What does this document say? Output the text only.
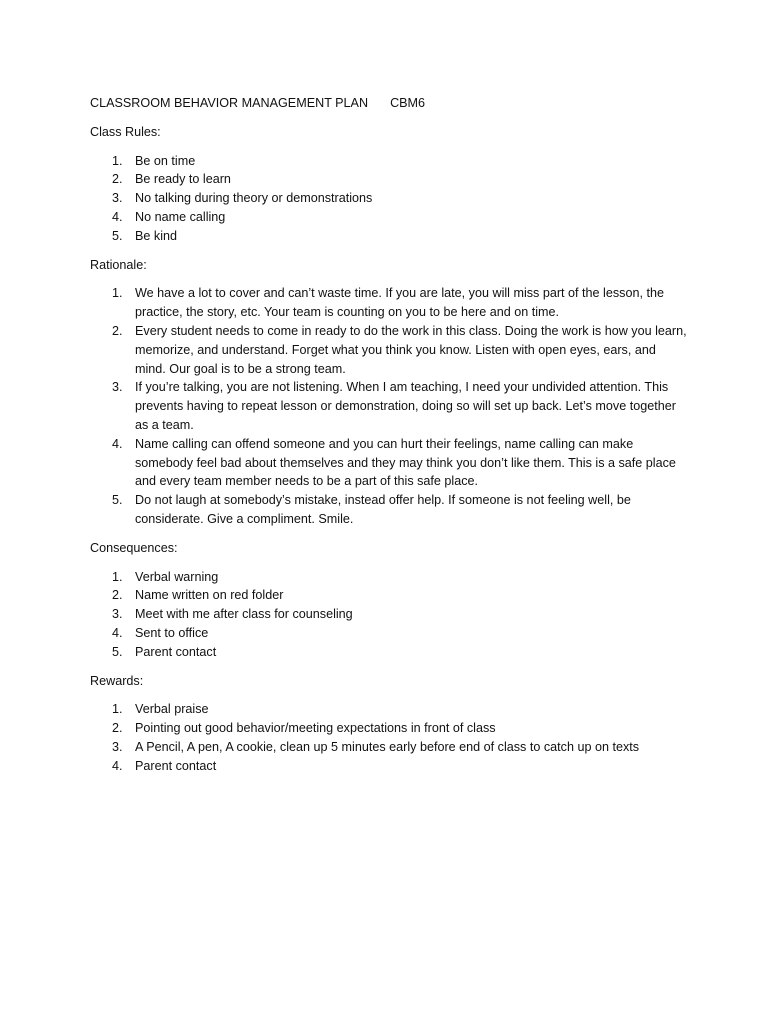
CLASSROOM BEHAVIOR MANAGEMENT PLAN CBM6
Class Rules:
1. Be on time
2. Be ready to learn
3. No talking during theory or demonstrations
4. No name calling
5. Be kind
Rationale:
1. We have a lot to cover and can’t waste time. If you are late, you will miss part of the lesson, the practice, the story, etc. Your team is counting on you to be here and on time.
2. Every student needs to come in ready to do the work in this class. Doing the work is how you learn, memorize, and understand. Forget what you think you know. Listen with open eyes, ears, and mind. Our goal is to be a strong team.
3. If you’re talking, you are not listening. When I am teaching, I need your undivided attention. This prevents having to repeat lesson or demonstration, doing so will set up back. Let’s move together as a team.
4. Name calling can offend someone and you can hurt their feelings, name calling can make somebody feel bad about themselves and they may think you don’t like them. This is a safe place and every team member needs to be a part of this safe place.
5. Do not laugh at somebody’s mistake, instead offer help. If someone is not feeling well, be considerate. Give a compliment. Smile.
Consequences:
1. Verbal warning
2. Name written on red folder
3. Meet with me after class for counseling
4. Sent to office
5. Parent contact
Rewards:
1. Verbal praise
2. Pointing out good behavior/meeting expectations in front of class
3. A Pencil, A pen, A cookie, clean up 5 minutes early before end of class to catch up on texts
4. Parent contact
